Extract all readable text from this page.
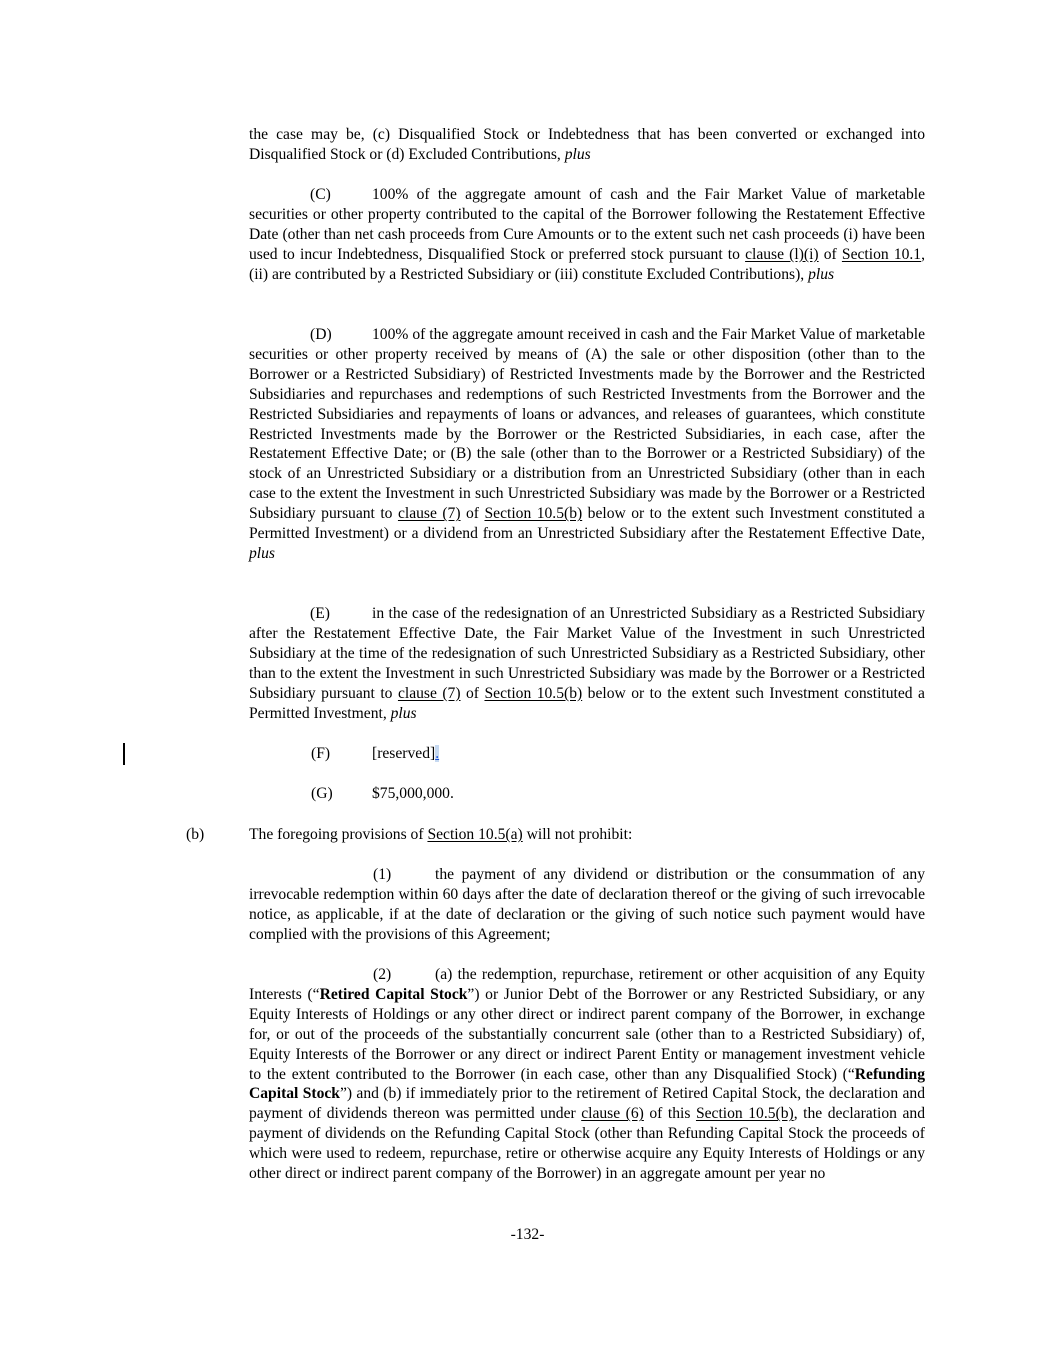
the case may be, (c) Disqualified Stock or Indebtedness that has been converted or exchanged into Disqualified Stock or (d) Excluded Contributions, plus
(C)	100% of the aggregate amount of cash and the Fair Market Value of marketable securities or other property contributed to the capital of the Borrower following the Restatement Effective Date (other than net cash proceeds from Cure Amounts or to the extent such net cash proceeds (i) have been used to incur Indebtedness, Disqualified Stock or preferred stock pursuant to clause (l)(i) of Section 10.1, (ii) are contributed by a Restricted Subsidiary or (iii) constitute Excluded Contributions), plus
(D)	100% of the aggregate amount received in cash and the Fair Market Value of marketable securities or other property received by means of (A) the sale or other disposition (other than to the Borrower or a Restricted Subsidiary) of Restricted Investments made by the Borrower and the Restricted Subsidiaries and repurchases and redemptions of such Restricted Investments from the Borrower and the Restricted Subsidiaries and repayments of loans or advances, and releases of guarantees, which constitute Restricted Investments made by the Borrower or the Restricted Subsidiaries, in each case, after the Restatement Effective Date; or (B) the sale (other than to the Borrower or a Restricted Subsidiary) of the stock of an Unrestricted Subsidiary or a distribution from an Unrestricted Subsidiary (other than in each case to the extent the Investment in such Unrestricted Subsidiary was made by the Borrower or a Restricted Subsidiary pursuant to clause (7) of Section 10.5(b) below or to the extent such Investment constituted a Permitted Investment) or a dividend from an Unrestricted Subsidiary after the Restatement Effective Date, plus
(E)	in the case of the redesignation of an Unrestricted Subsidiary as a Restricted Subsidiary after the Restatement Effective Date, the Fair Market Value of the Investment in such Unrestricted Subsidiary at the time of the redesignation of such Unrestricted Subsidiary as a Restricted Subsidiary, other than to the extent the Investment in such Unrestricted Subsidiary was made by the Borrower or a Restricted Subsidiary pursuant to clause (7) of Section 10.5(b) below or to the extent such Investment constituted a Permitted Investment, plus
(F)	[reserved].
(G)	$75,000,000.
(b)	The foregoing provisions of Section 10.5(a) will not prohibit:
(1)	the payment of any dividend or distribution or the consummation of any irrevocable redemption within 60 days after the date of declaration thereof or the giving of such irrevocable notice, as applicable, if at the date of declaration or the giving of such notice such payment would have complied with the provisions of this Agreement;
(2)	(a) the redemption, repurchase, retirement or other acquisition of any Equity Interests (“Retired Capital Stock”) or Junior Debt of the Borrower or any Restricted Subsidiary, or any Equity Interests of Holdings or any other direct or indirect parent company of the Borrower, in exchange for, or out of the proceeds of the substantially concurrent sale (other than to a Restricted Subsidiary) of, Equity Interests of the Borrower or any direct or indirect Parent Entity or management investment vehicle to the extent contributed to the Borrower (in each case, other than any Disqualified Stock) (“Refunding Capital Stock”) and (b) if immediately prior to the retirement of Retired Capital Stock, the declaration and payment of dividends thereon was permitted under clause (6) of this Section 10.5(b), the declaration and payment of dividends on the Refunding Capital Stock (other than Refunding Capital Stock the proceeds of which were used to redeem, repurchase, retire or otherwise acquire any Equity Interests of Holdings or any other direct or indirect parent company of the Borrower) in an aggregate amount per year no
-132-
